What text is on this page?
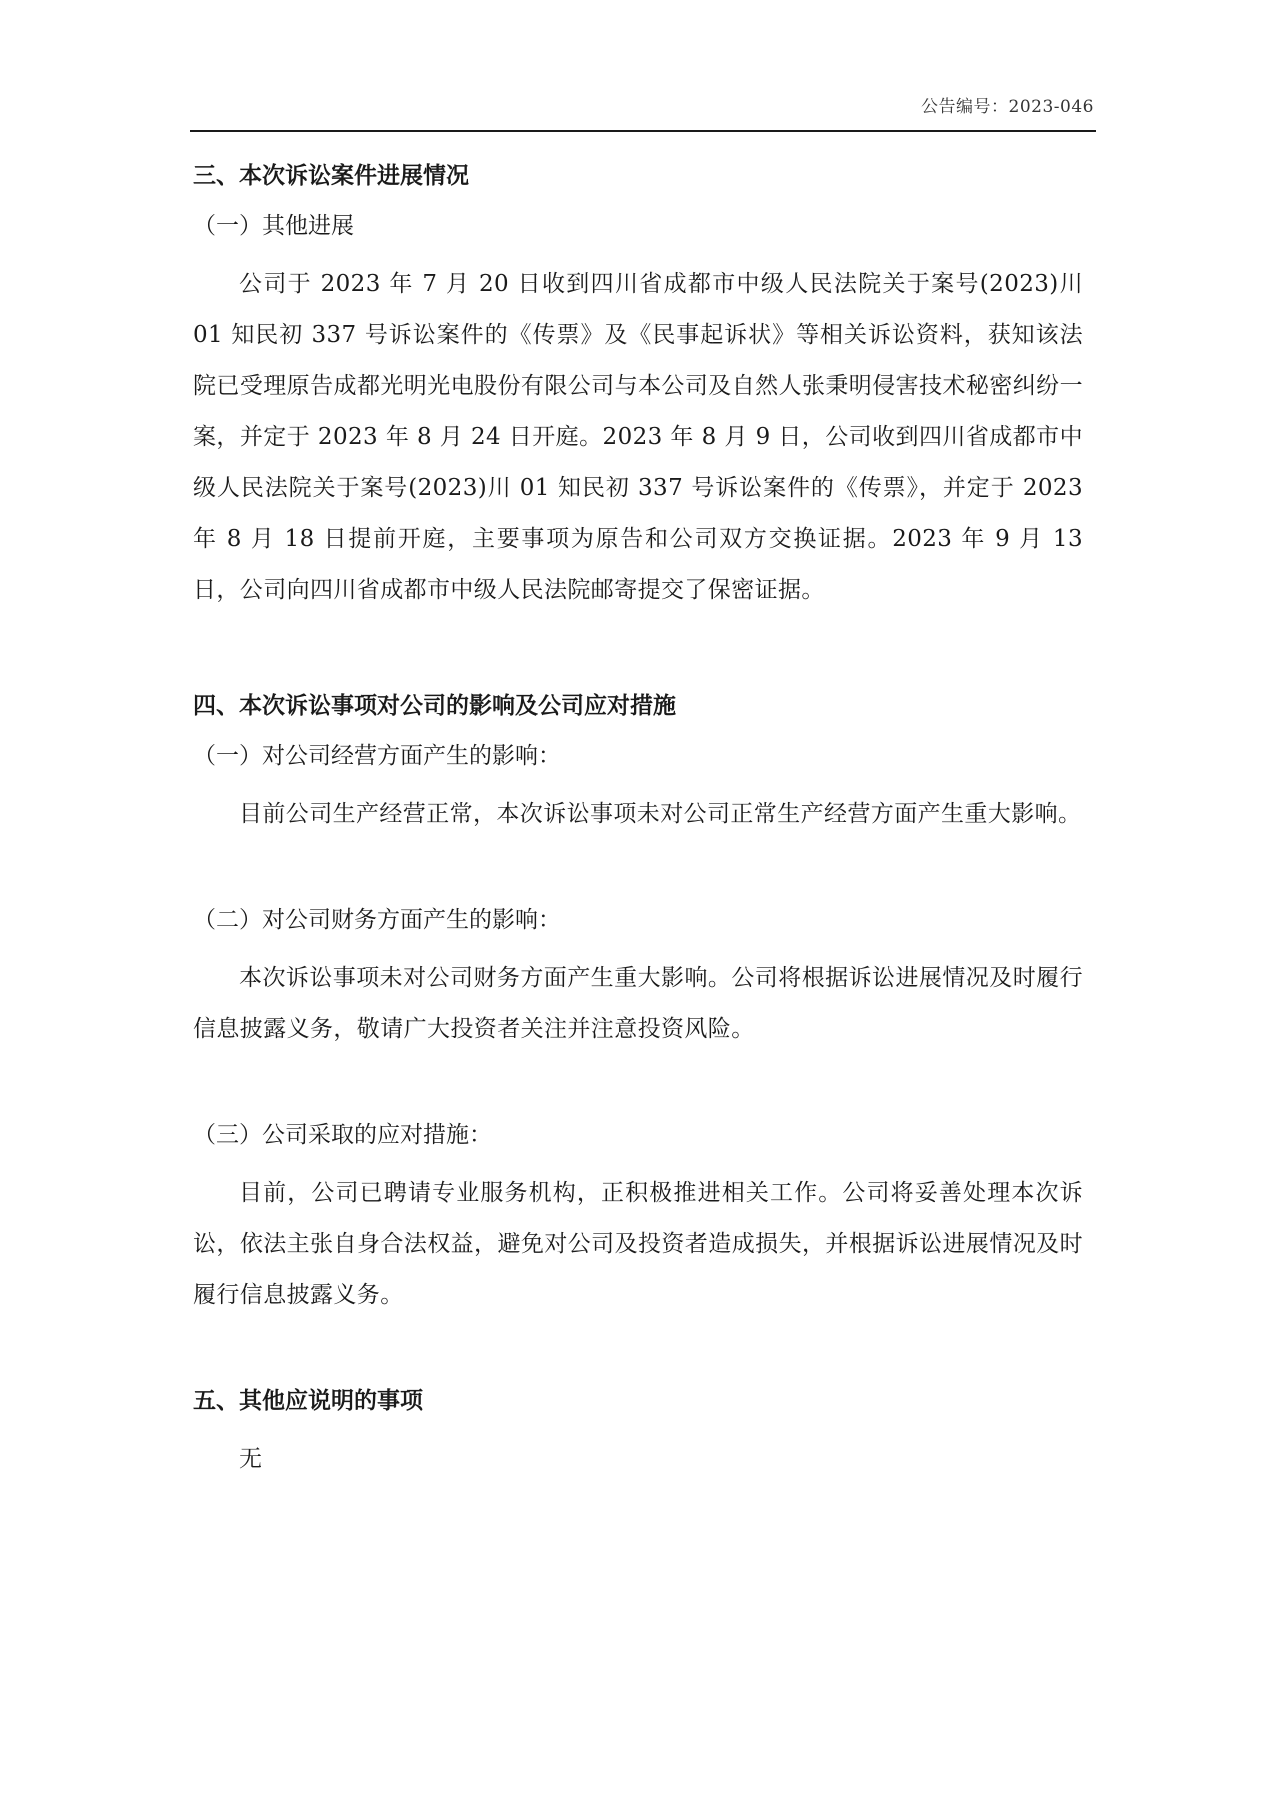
公告编号：2023-046
三、本次诉讼案件进展情况

（一）其他进展

公司于 2023 年 7 月 20 日收到四川省成都市中级人民法院关于案号(2023)川 01 知民初 337 号诉讼案件的《传票》及《民事起诉状》等相关诉讼资料，获知该法院已受理原告成都光明光电股份有限公司与本公司及自然人张秉明侵害技术秘密纠纷一案，并定于 2023 年 8 月 24 日开庭。2023 年 8 月 9 日，公司收到四川省成都市中级人民法院关于案号(2023)川 01 知民初 337 号诉讼案件的《传票》，并定于 2023 年 8 月 18 日提前开庭，主要事项为原告和公司双方交换证据。2023 年 9 月 13 日，公司向四川省成都市中级人民法院邮寄提交了保密证据。

四、本次诉讼事项对公司的影响及公司应对措施

（一）对公司经营方面产生的影响：

目前公司生产经营正常，本次诉讼事项未对公司正常生产经营方面产生重大影响。

（二）对公司财务方面产生的影响：

本次诉讼事项未对公司财务方面产生重大影响。公司将根据诉讼进展情况及时履行信息披露义务，敬请广大投资者关注并注意投资风险。

（三）公司采取的应对措施：

目前，公司已聘请专业服务机构，正积极推进相关工作。公司将妥善处理本次诉讼，依法主张自身合法权益，避免对公司及投资者造成损失，并根据诉讼进展情况及时履行信息披露义务。

五、其他应说明的事项

无
